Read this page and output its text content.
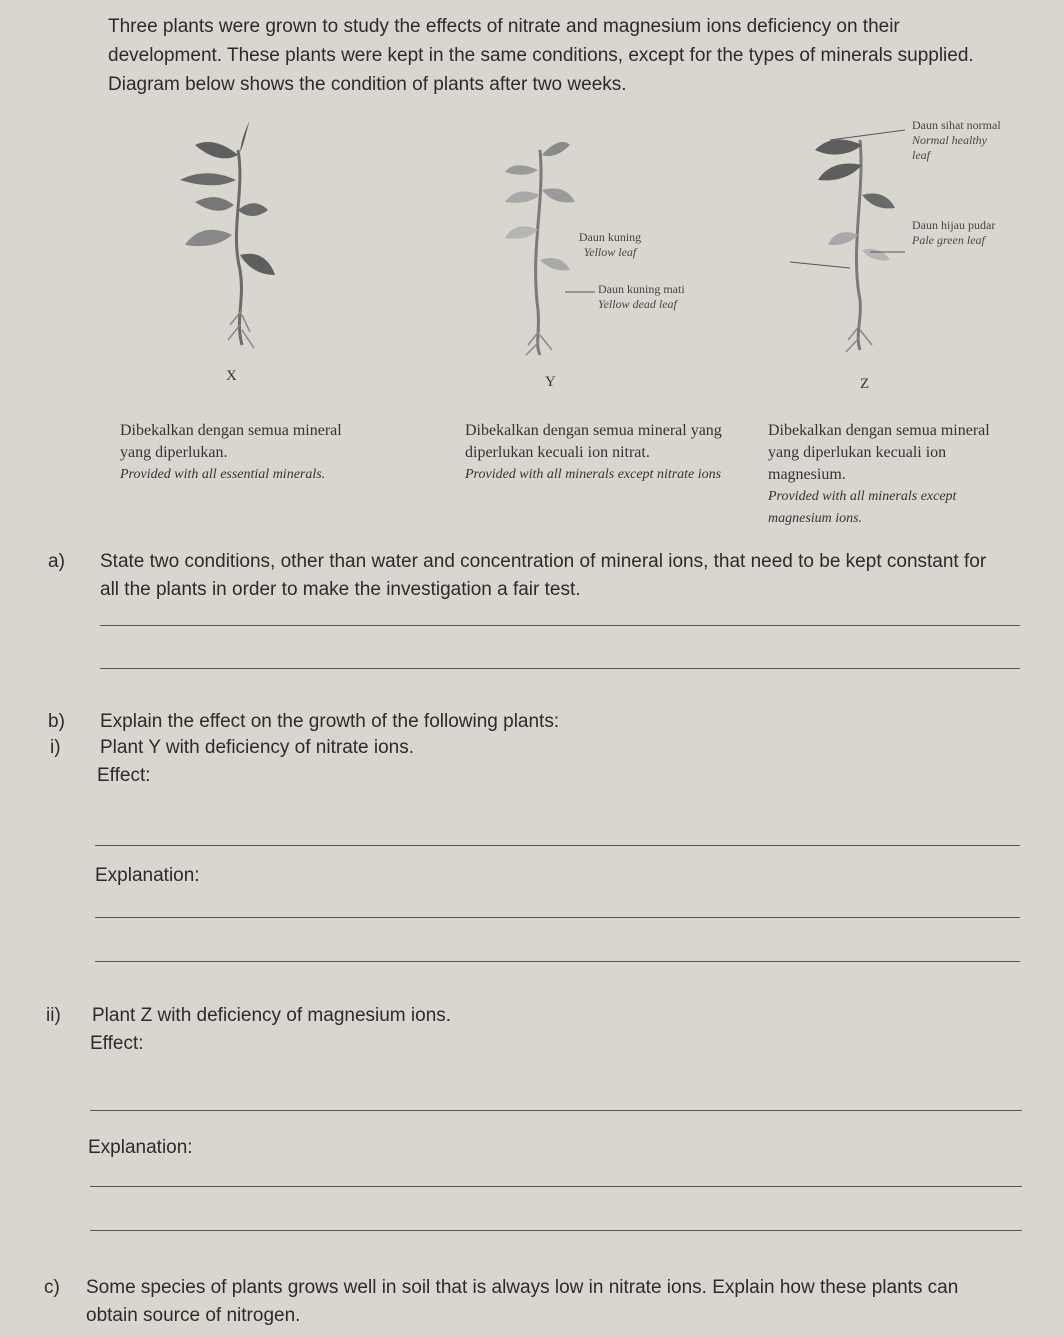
Three plants were grown to study the effects of nitrate and magnesium ions deficiency on their development. These plants were kept in the same conditions, except for the types of minerals supplied. Diagram below shows the condition of plants after two weeks.
Daun kuning
Yellow leaf
Daun kuning mati
Yellow dead leaf
Daun sihat normal
Normal healthy leaf
Daun hijau pudar
Pale green leaf
X	Y	Z
Dibekalkan dengan semua mineral yang diperlukan.
Provided with all essential minerals.
Dibekalkan dengan semua mineral yang diperlukan kecuali ion nitrat.
Provided with all minerals except nitrate ions
Dibekalkan dengan semua mineral yang diperlukan kecuali ion magnesium.
Provided with all minerals except magnesium ions.
a) State two conditions, other than water and concentration of mineral ions, that need to be kept constant for all the plants in order to make the investigation a fair test.
b) Explain the effect on the growth of the following plants:
i) Plant Y with deficiency of nitrate ions.
Effect:
Explanation:
ii) Plant Z with deficiency of magnesium ions.
Effect:
Explanation:
c) Some species of plants grows well in soil that is always low in nitrate ions. Explain how these plants can obtain source of nitrogen.
